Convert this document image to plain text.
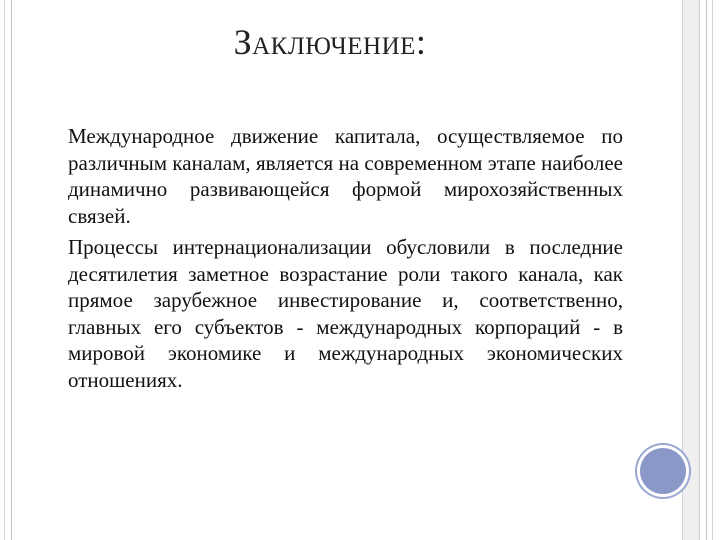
Заключение:

Международное движение капитала, осуществляемое по различным каналам, является на современном этапе наиболее динамично развивающейся формой мирохозяйственных связей.

Процессы интернационализации обусловили в последние десятилетия заметное возрастание роли такого канала, как прямое зарубежное инвестирование и, соответственно, главных его субъектов - международных корпораций - в мировой экономике и международных экономических отношениях.
